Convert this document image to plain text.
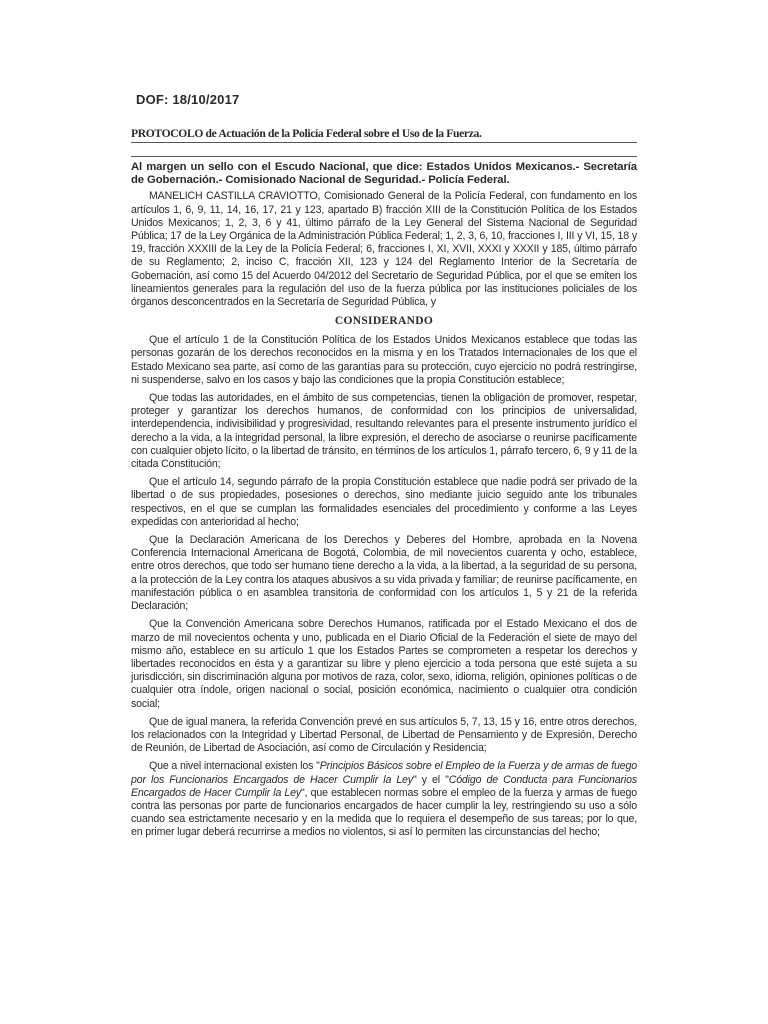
DOF: 18/10/2017
PROTOCOLO de Actuación de la Policía Federal sobre el Uso de la Fuerza.
Al margen un sello con el Escudo Nacional, que dice: Estados Unidos Mexicanos.- Secretaría de Gobernación.- Comisionado Nacional de Seguridad.- Policía Federal.

MANELICH CASTILLA CRAVIOTTO, Comisionado General de la Policía Federal, con fundamento en los artículos 1, 6, 9, 11, 14, 16, 17, 21 y 123, apartado B) fracción XIII de la Constitución Política de los Estados Unidos Mexicanos; 1, 2, 3, 6 y 41, último párrafo de la Ley General del Sistema Nacional de Seguridad Pública; 17 de la Ley Orgánica de la Administración Pública Federal; 1, 2, 3, 6, 10, fracciones I, III y VI, 15, 18 y 19, fracción XXXIII de la Ley de la Policía Federal; 6, fracciones I, XI, XVII, XXXI y XXXII y 185, último párrafo de su Reglamento; 2, inciso C, fracción XII, 123 y 124 del Reglamento Interior de la Secretaría de Gobernación, así como 15 del Acuerdo 04/2012 del Secretario de Seguridad Pública, por el que se emiten los lineamientos generales para la regulación del uso de la fuerza pública por las instituciones policiales de los órganos desconcentrados en la Secretaría de Seguridad Pública, y

CONSIDERANDO

Que el artículo 1 de la Constitución Política de los Estados Unidos Mexicanos establece que todas las personas gozarán de los derechos reconocidos en la misma y en los Tratados Internacionales de los que el Estado Mexicano sea parte, así como de las garantías para su protección, cuyo ejercicio no podrá restringirse, ni suspenderse, salvo en los casos y bajo las condiciones que la propia Constitución establece;

Que todas las autoridades, en el ámbito de sus competencias, tienen la obligación de promover, respetar, proteger y garantizar los derechos humanos, de conformidad con los principios de universalidad, interdependencia, indivisibilidad y progresividad, resultando relevantes para el presente instrumento jurídico el derecho a la vida, a la integridad personal, la libre expresión, el derecho de asociarse o reunirse pacíficamente con cualquier objeto lícito, o la libertad de tránsito, en términos de los artículos 1, párrafo tercero, 6, 9 y 11 de la citada Constitución;

Que el artículo 14, segundo párrafo de la propia Constitución establece que nadie podrá ser privado de la libertad o de sus propiedades, posesiones o derechos, sino mediante juicio seguido ante los tribunales respectivos, en el que se cumplan las formalidades esenciales del procedimiento y conforme a las Leyes expedidas con anterioridad al hecho;

Que la Declaración Americana de los Derechos y Deberes del Hombre, aprobada en la Novena Conferencia Internacional Americana de Bogotá, Colombia, de mil novecientos cuarenta y ocho, establece, entre otros derechos, que todo ser humano tiene derecho a la vida, a la libertad, a la seguridad de su persona, a la protección de la Ley contra los ataques abusivos a su vida privada y familiar; de reunirse pacíficamente, en manifestación pública o en asamblea transitoria de conformidad con los artículos 1, 5 y 21 de la referida Declaración;

Que la Convención Americana sobre Derechos Humanos, ratificada por el Estado Mexicano el dos de marzo de mil novecientos ochenta y uno, publicada en el Diario Oficial de la Federación el siete de mayo del mismo año, establece en su artículo 1 que los Estados Partes se comprometen a respetar los derechos y libertades reconocidos en ésta y a garantizar su libre y pleno ejercicio a toda persona que esté sujeta a su jurisdicción, sin discriminación alguna por motivos de raza, color, sexo, idioma, religión, opiniones políticas o de cualquier otra índole, origen nacional o social, posición económica, nacimiento o cualquier otra condición social;

Que de igual manera, la referida Convención prevé en sus artículos 5, 7, 13, 15 y 16, entre otros derechos, los relacionados con la Integridad y Libertad Personal, de Libertad de Pensamiento y de Expresión, Derecho de Reunión, de Libertad de Asociación, así como de Circulación y Residencia;

Que a nivel internacional existen los "Principios Básicos sobre el Empleo de la Fuerza y de armas de fuego por los Funcionarios Encargados de Hacer Cumplir la Ley" y el "Código de Conducta para Funcionarios Encargados de Hacer Cumplir la Ley", que establecen normas sobre el empleo de la fuerza y armas de fuego contra las personas por parte de funcionarios encargados de hacer cumplir la ley, restringiendo su uso a sólo cuando sea estrictamente necesario y en la medida que lo requiera el desempeño de sus tareas; por lo que, en primer lugar deberá recurrirse a medios no violentos, si así lo permiten las circunstancias del hecho;
